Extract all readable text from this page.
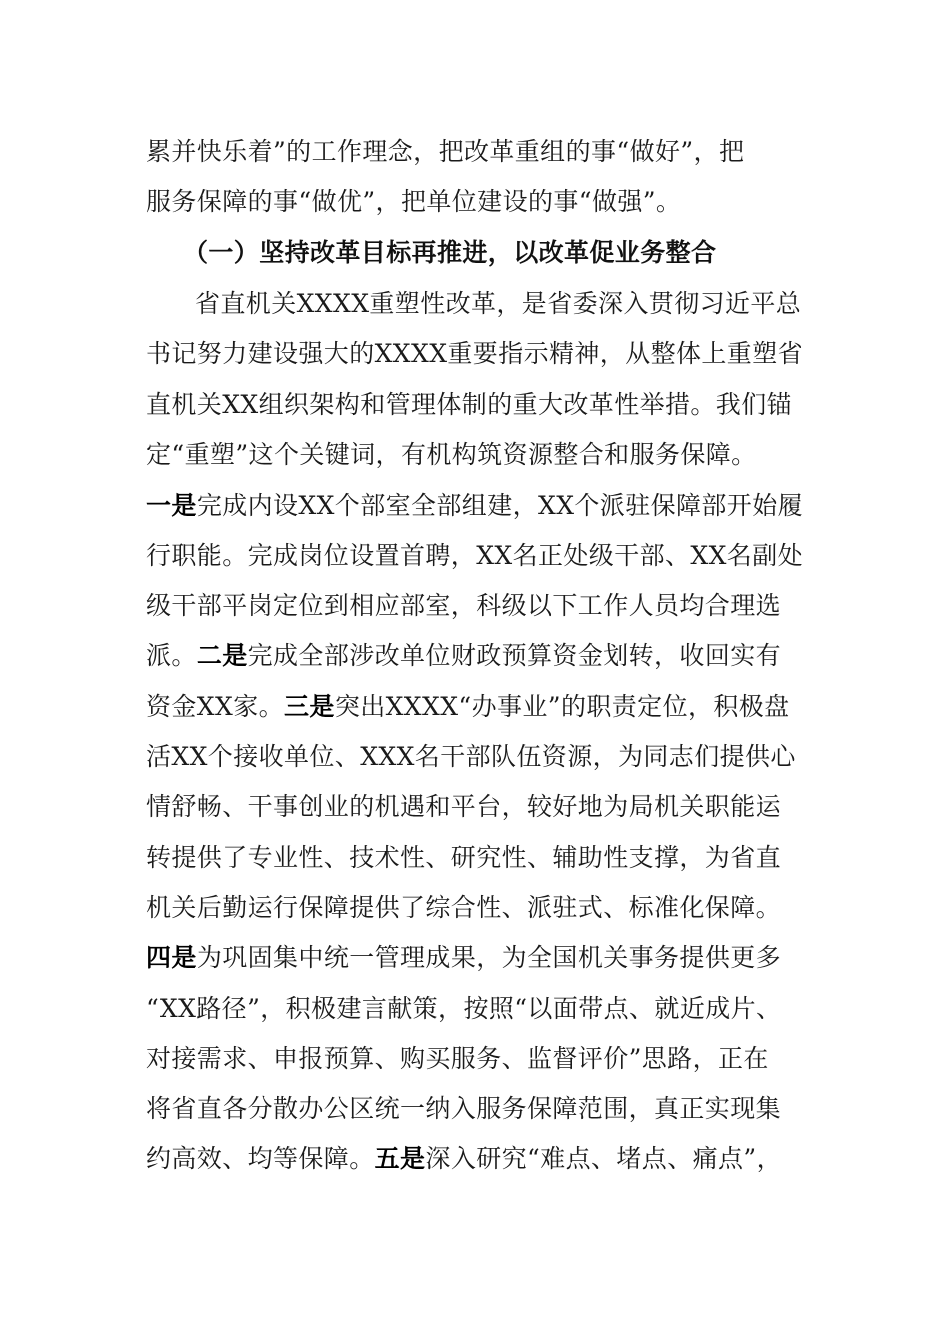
累并快乐着”的工作理念，把改革重组的事“做好”，把
服务保障的事“做优”，把单位建设的事“做强”。
（一）坚持改革目标再推进，以改革促业务整合
省直机关XXXX重塑性改革，是省委深入贯彻习近平总
书记努力建设强大的XXXX重要指示精神，从整体上重塑省
直机关XX组织架构和管理体制的重大改革性举措。我们锚
定“重塑”这个关键词，有机构筑资源整合和服务保障。
一是完成内设XX个部室全部组建，XX个派驻保障部开始履
行职能。完成岗位设置首聘，XX名正处级干部、XX名副处
级干部平岗定位到相应部室，科级以下工作人员均合理选
派。二是完成全部涉改单位财政预算资金划转，收回实有
资金XX家。三是突出XXXX“办事业”的职责定位，积极盘
活XX个接收单位、XXX名干部队伍资源，为同志们提供心
情舒畅、干事创业的机遇和平台，较好地为局机关职能运
转提供了专业性、技术性、研究性、辅助性支撑，为省直
机关后勤运行保障提供了综合性、派驻式、标准化保障。
四是为巩固集中统一管理成果，为全国机关事务提供更多
“XX路径”，积极建言献策，按照“以面带点、就近成片、
对接需求、申报预算、购买服务、监督评价”思路，正在
将省直各分散办公区统一纳入服务保障范围，真正实现集
约高效、均等保障。五是深入研究“难点、堵点、痛点”，
